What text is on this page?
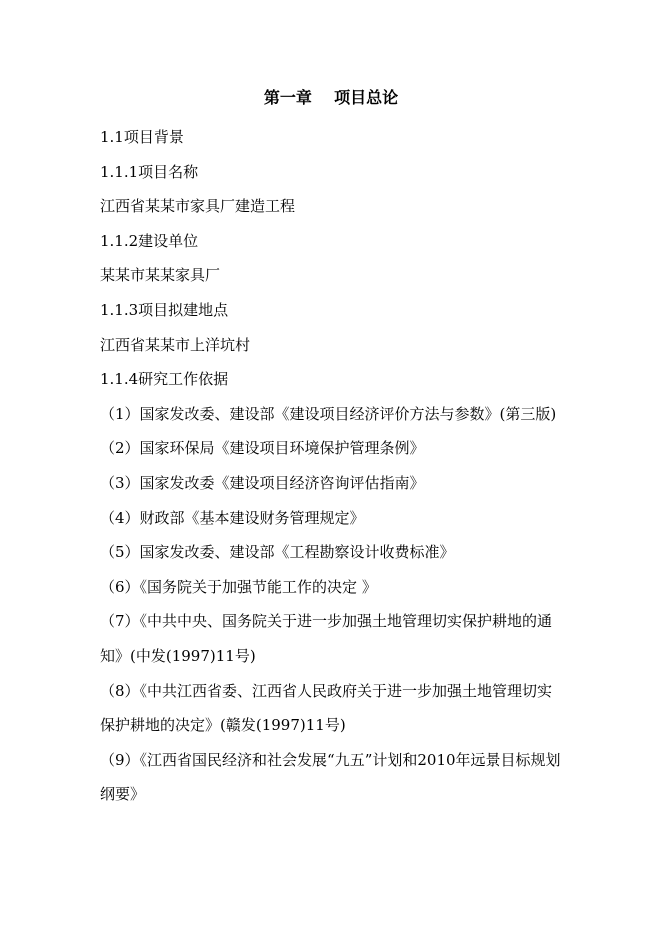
第一章    项目总论
1.1项目背景
1.1.1项目名称
江西省某某市家具厂建造工程
1.1.2建设单位
某某市某某家具厂
1.1.3项目拟建地点
江西省某某市上洋坑村
1.1.4研究工作依据
（1）国家发改委、建设部《建设项目经济评价方法与参数》(第三版)
（2）国家环保局《建设项目环境保护管理条例》
（3）国家发改委《建设项目经济咨询评估指南》
（4）财政部《基本建设财务管理规定》
（5）国家发改委、建设部《工程勘察设计收费标准》
（6）《国务院关于加强节能工作的决定 》
（7）《中共中央、国务院关于进一步加强土地管理切实保护耕地的通知》(中发(1997)11号)
（8）《中共江西省委、江西省人民政府关于进一步加强土地管理切实保护耕地的决定》(赣发(1997)11号)
（9）《江西省国民经济和社会发展“九五”计划和2010年远景目标规划纲要》
